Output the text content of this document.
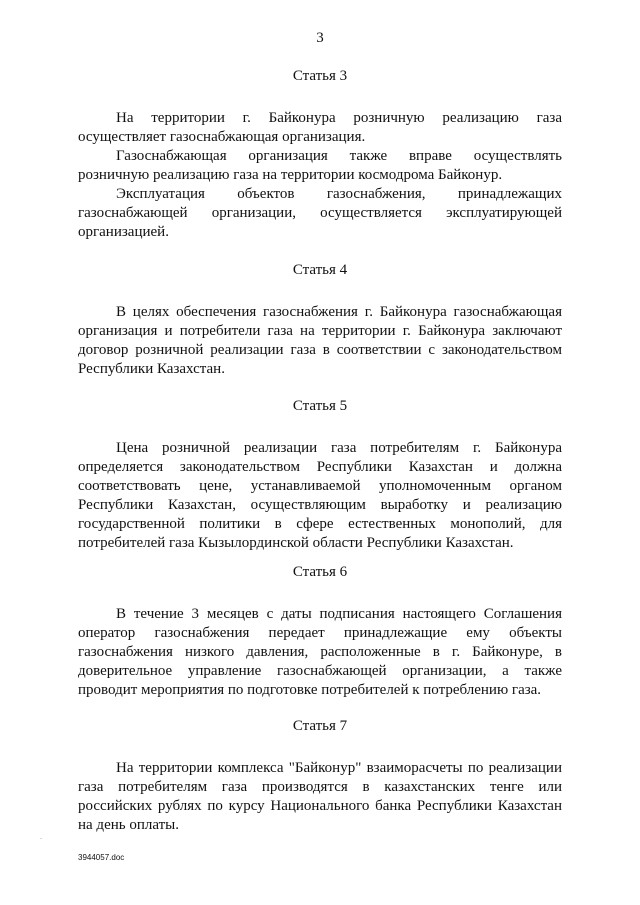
3
Статья 3

На территории г. Байконура розничную реализацию газа осуществляет газоснабжающая организация.

Газоснабжающая организация также вправе осуществлять розничную реализацию газа на территории космодрома Байконур.

Эксплуатация объектов газоснабжения, принадлежащих газоснабжающей организации, осуществляется эксплуатирующей организацией.

Статья 4

В целях обеспечения газоснабжения г. Байконура газоснабжающая организация и потребители газа на территории г. Байконура заключают договор розничной реализации газа в соответствии с законодательством Республики Казахстан.

Статья 5

Цена розничной реализации газа потребителям г. Байконура определяется законодательством Республики Казахстан и должна соответствовать цене, устанавливаемой уполномоченным органом Республики Казахстан, осуществляющим выработку и реализацию государственной политики в сфере естественных монополий, для потребителей газа Кызылординской области Республики Казахстан.

Статья 6

В течение 3 месяцев с даты подписания настоящего Соглашения оператор газоснабжения передает принадлежащие ему объекты газоснабжения низкого давления, расположенные в г. Байконуре, в доверительное управление газоснабжающей организации, а также проводит мероприятия по подготовке потребителей к потреблению газа.

Статья 7

На территории комплекса "Байконур" взаиморасчеты по реализации газа потребителям газа производятся в казахстанских тенге или российских рублях по курсу Национального банка Республики Казахстан на день оплаты.

.
3944057.doc
